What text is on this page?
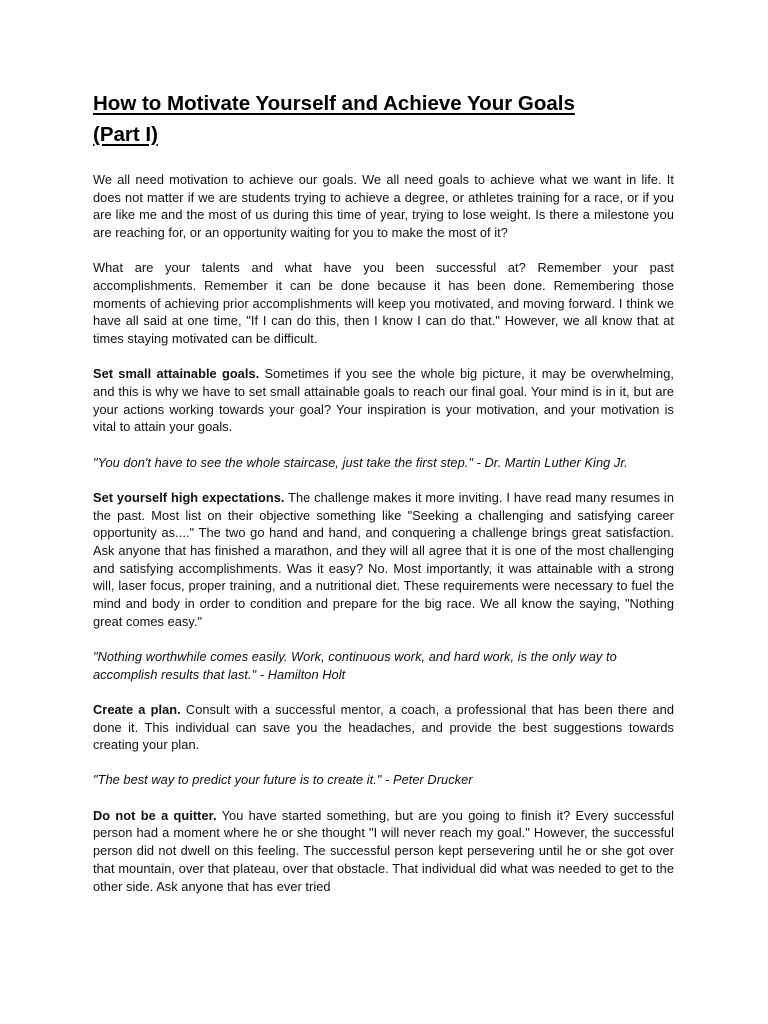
How to Motivate Yourself and Achieve Your Goals
(Part I)

We all need motivation to achieve our goals. We all need goals to achieve what we want in life. It does not matter if we are students trying to achieve a degree, or athletes training for a race, or if you are like me and the most of us during this time of year, trying to lose weight. Is there a milestone you are reaching for, or an opportunity waiting for you to make the most of it?

What are your talents and what have you been successful at? Remember your past accomplishments. Remember it can be done because it has been done. Remembering those moments of achieving prior accomplishments will keep you motivated, and moving forward. I think we have all said at one time, "If I can do this, then I know I can do that." However, we all know that at times staying motivated can be difficult.

Set small attainable goals. Sometimes if you see the whole big picture, it may be overwhelming, and this is why we have to set small attainable goals to reach our final goal. Your mind is in it, but are your actions working towards your goal? Your inspiration is your motivation, and your motivation is vital to attain your goals.

"You don't have to see the whole staircase, just take the first step." - Dr. Martin Luther King Jr.

Set yourself high expectations. The challenge makes it more inviting. I have read many resumes in the past. Most list on their objective something like "Seeking a challenging and satisfying career opportunity as...." The two go hand and hand, and conquering a challenge brings great satisfaction. Ask anyone that has finished a marathon, and they will all agree that it is one of the most challenging and satisfying accomplishments. Was it easy? No. Most importantly, it was attainable with a strong will, laser focus, proper training, and a nutritional diet. These requirements were necessary to fuel the mind and body in order to condition and prepare for the big race. We all know the saying, "Nothing great comes easy."

"Nothing worthwhile comes easily. Work, continuous work, and hard work, is the only way to accomplish results that last." - Hamilton Holt

Create a plan. Consult with a successful mentor, a coach, a professional that has been there and done it. This individual can save you the headaches, and provide the best suggestions towards creating your plan.

"The best way to predict your future is to create it." - Peter Drucker

Do not be a quitter. You have started something, but are you going to finish it? Every successful person had a moment where he or she thought "I will never reach my goal." However, the successful person did not dwell on this feeling. The successful person kept persevering until he or she got over that mountain, over that plateau, over that obstacle. That individual did what was needed to get to the other side. Ask anyone that has ever tried
